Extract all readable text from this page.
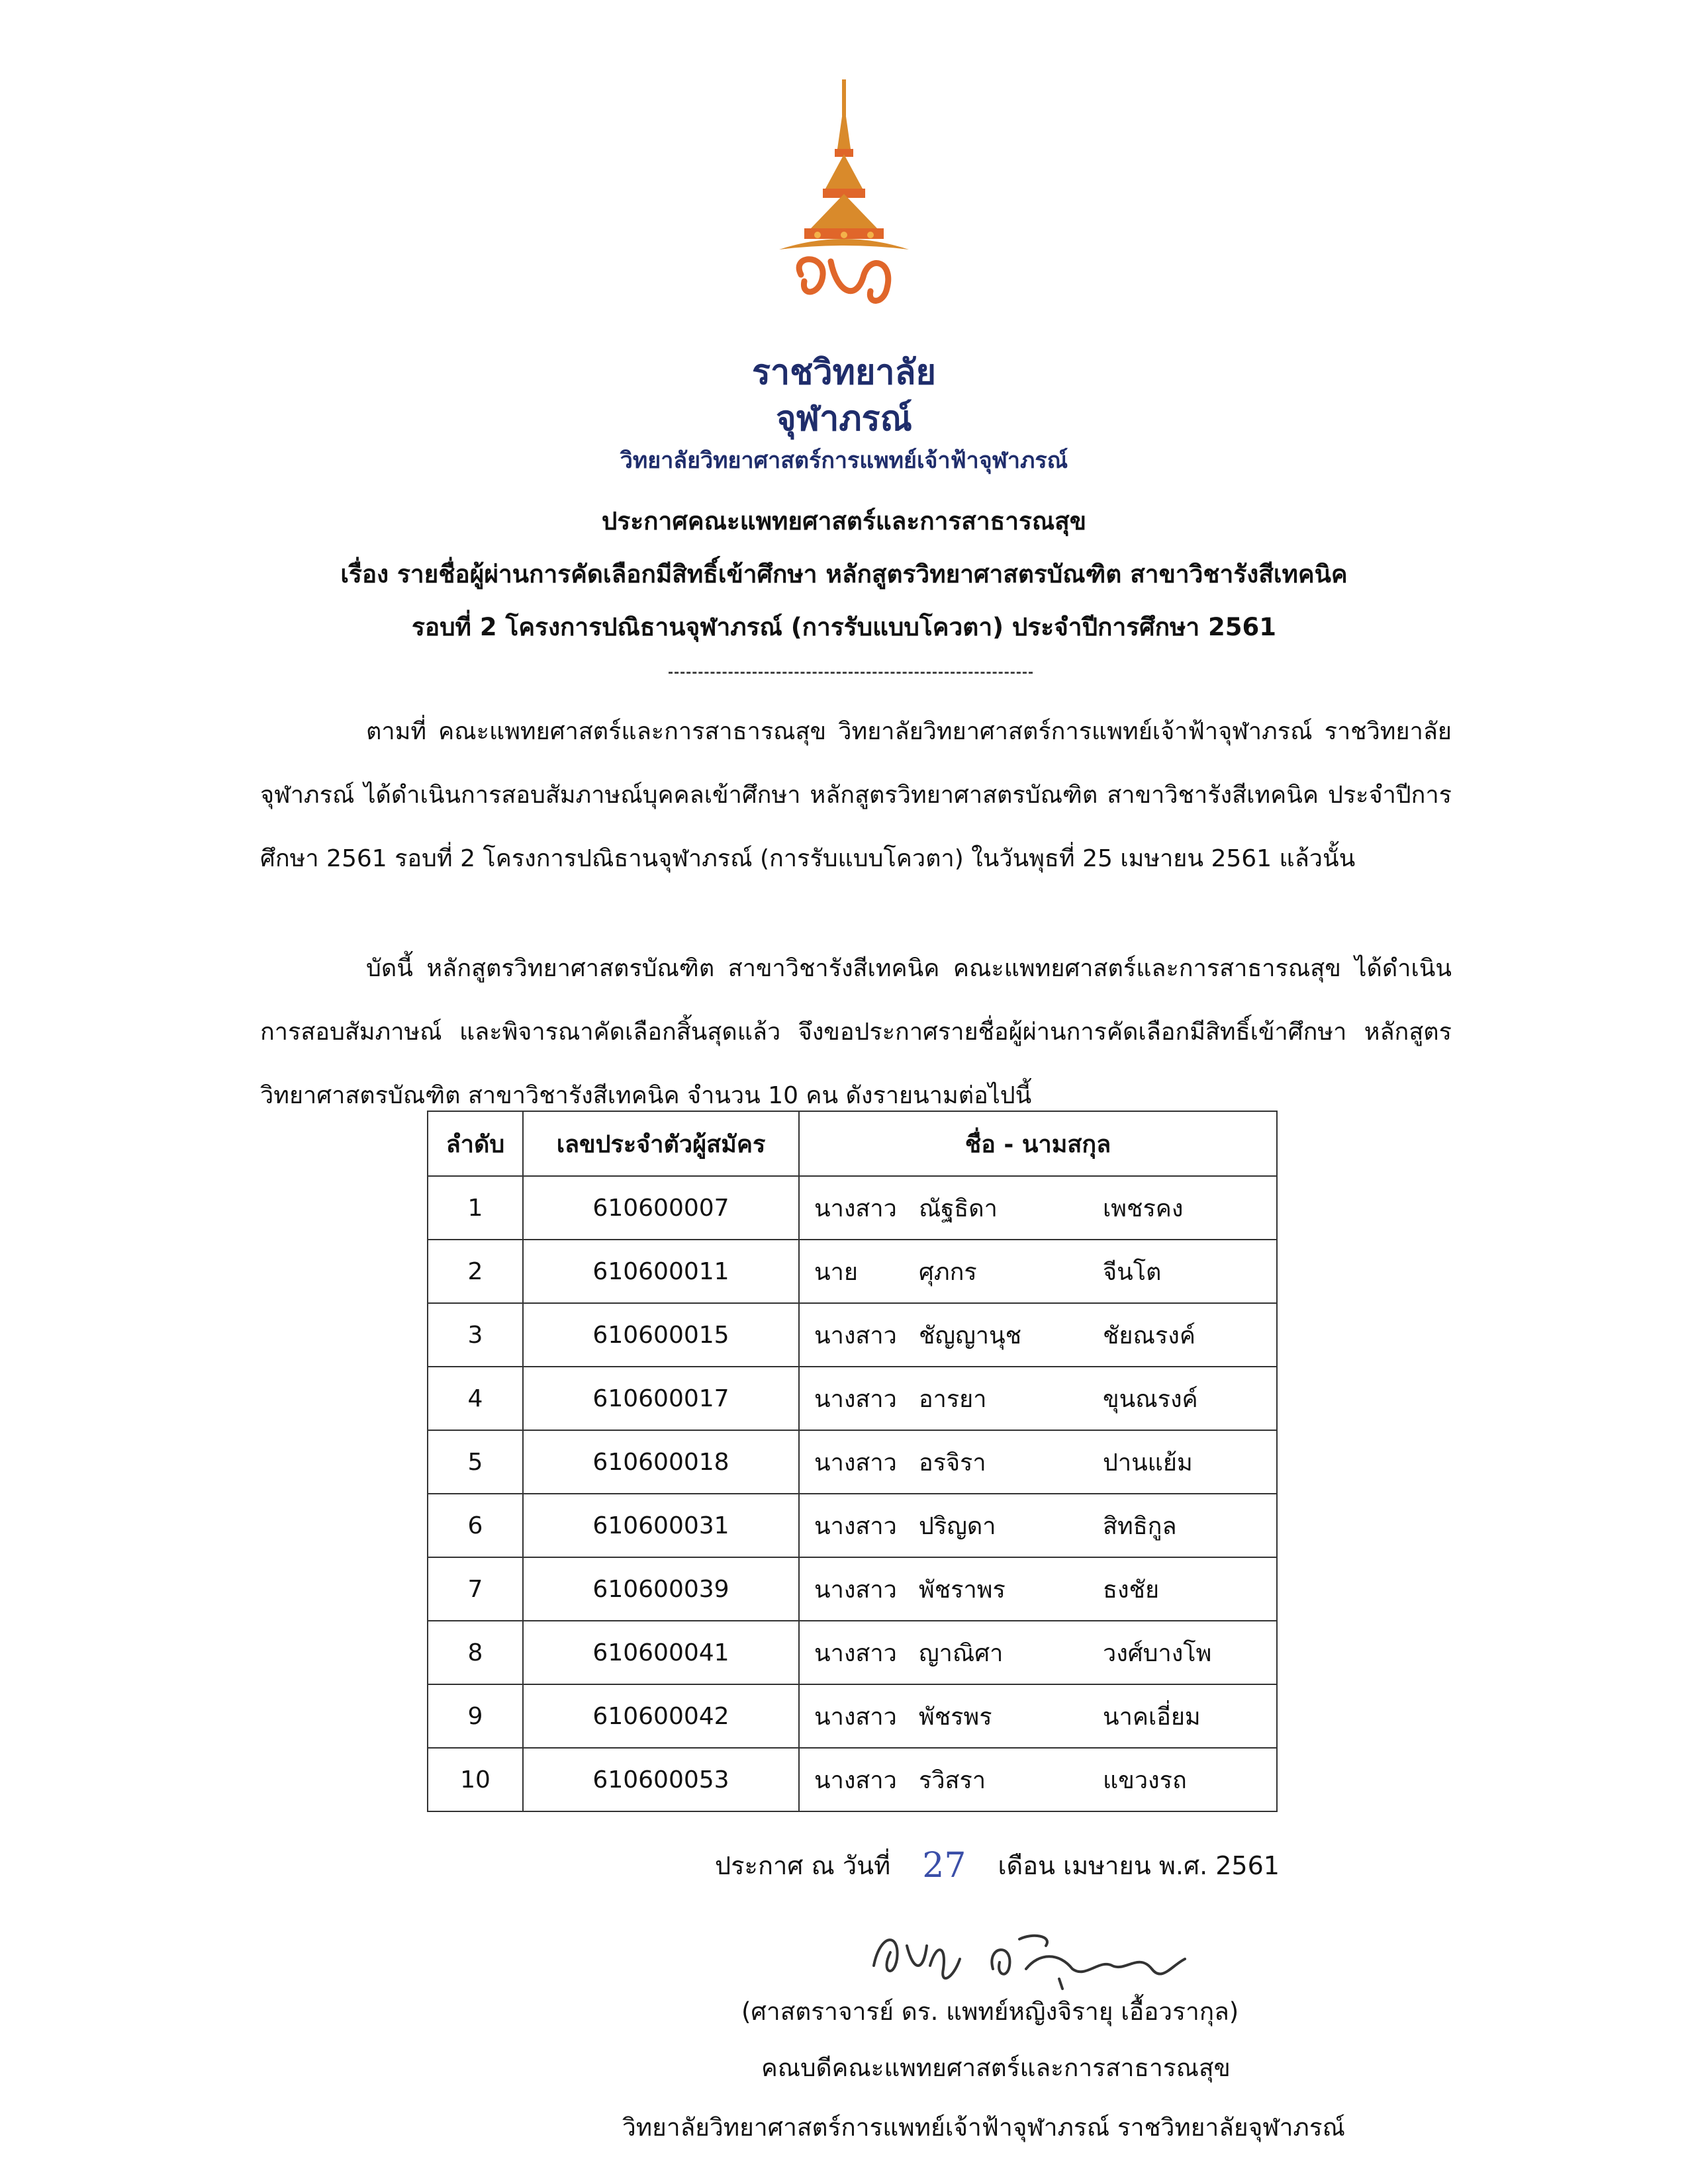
ราชวิทยาลัย
จุฬาภรณ์
วิทยาลัยวิทยาศาสตร์การแพทย์เจ้าฟ้าจุฬาภรณ์
ประกาศคณะแพทยศาสตร์และการสาธารณสุข
เรื่อง รายชื่อผู้ผ่านการคัดเลือกมีสิทธิ์เข้าศึกษา หลักสูตรวิทยาศาสตรบัณฑิต สาขาวิชารังสีเทคนิค
รอบที่ 2 โครงการปณิธานจุฬาภรณ์ (การรับแบบโควตา) ประจำปีการศึกษา 2561

ตามที่ คณะแพทยศาสตร์และการสาธารณสุข วิทยาลัยวิทยาศาสตร์การแพทย์เจ้าฟ้าจุฬาภรณ์ ราชวิทยาลัยจุฬาภรณ์ ได้ดำเนินการสอบสัมภาษณ์บุคคลเข้าศึกษา หลักสูตรวิทยาศาสตรบัณฑิต สาขาวิชารังสีเทคนิค ประจำปีการศึกษา 2561 รอบที่ 2 โครงการปณิธานจุฬาภรณ์ (การรับแบบโควตา) ในวันพุธที่ 25 เมษายน 2561 แล้วนั้น

บัดนี้ หลักสูตรวิทยาศาสตรบัณฑิต สาขาวิชารังสีเทคนิค คณะแพทยศาสตร์และการสาธารณสุข ได้ดำเนินการสอบสัมภาษณ์ และพิจารณาคัดเลือกสิ้นสุดแล้ว จึงขอประกาศรายชื่อผู้ผ่านการคัดเลือกมีสิทธิ์เข้าศึกษา หลักสูตรวิทยาศาสตรบัณฑิต สาขาวิชารังสีเทคนิค จำนวน 10 คน ดังรายนามต่อไปนี้

ลำดับ	เลขประจำตัวผู้สมัคร	ชื่อ - นามสกุล
1	610600007	นางสาว ณัฐธิดา เพชรคง

2	610600011	นาย ศุภกร จีนโต

3	610600015	นางสาว ชัญญานุช ชัยณรงค์

4	610600017	นางสาว อารยา ขุนณรงค์

5	610600018	นางสาว อรจิรา ปานแย้ม

6	610600031	นางสาว ปริญดา สิทธิกูล

7	610600039	นางสาว พัชราพร ธงชัย

8	610600041	นางสาว ญาณิศา วงศ์บางโพ

9	610600042	นางสาว พัชรพร นาคเอี่ยม

10	610600053	นางสาว รวิสรา แขวงรถ
ประกาศ ณ วันที่ 27 เดือน เมษายน พ.ศ. 2561
(ศาสตราจารย์ ดร. แพทย์หญิงจิรายุ เอื้อวรากุล)
คณบดีคณะแพทยศาสตร์และการสาธารณสุข
วิทยาลัยวิทยาศาสตร์การแพทย์เจ้าฟ้าจุฬาภรณ์ ราชวิทยาลัยจุฬาภรณ์
